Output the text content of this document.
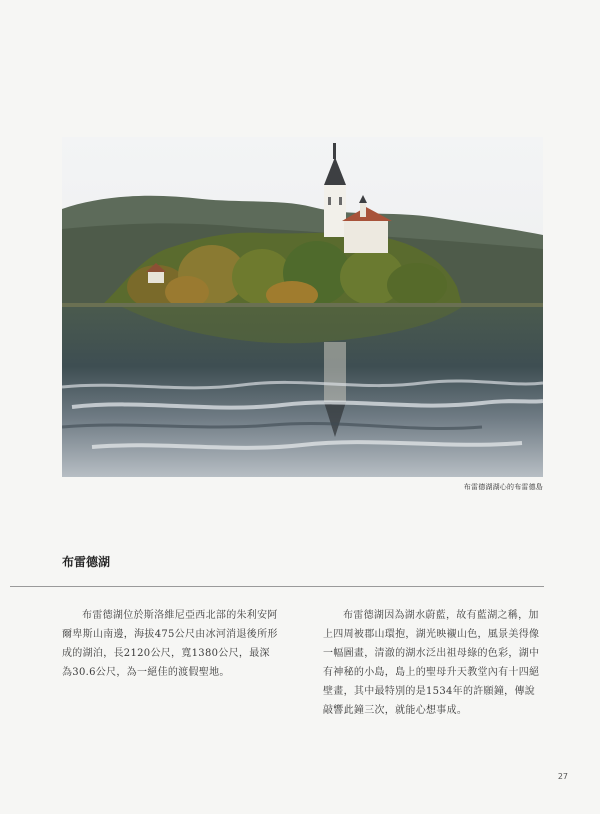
布雷德湖湖心的布雷德島
布雷德湖

布雷德湖位於斯洛維尼亞西北部的朱利安阿爾卑斯山南邊，海拔475公尺由冰河消退後所形成的湖泊，長2120公尺，寬1380公尺，最深為30.6公尺，為一絕佳的渡假聖地。

布雷德湖因為湖水蔚藍，故有藍湖之稱，加上四周被郡山環抱，湖光映襯山色，風景美得像一幅圖畫，清澈的湖水泛出祖母綠的色彩，湖中有神秘的小島，島上的聖母升天教堂內有十四絕壁畫，其中最特別的是1534年的許願鐘，傳說敲響此鐘三次，就能心想事成。

27
